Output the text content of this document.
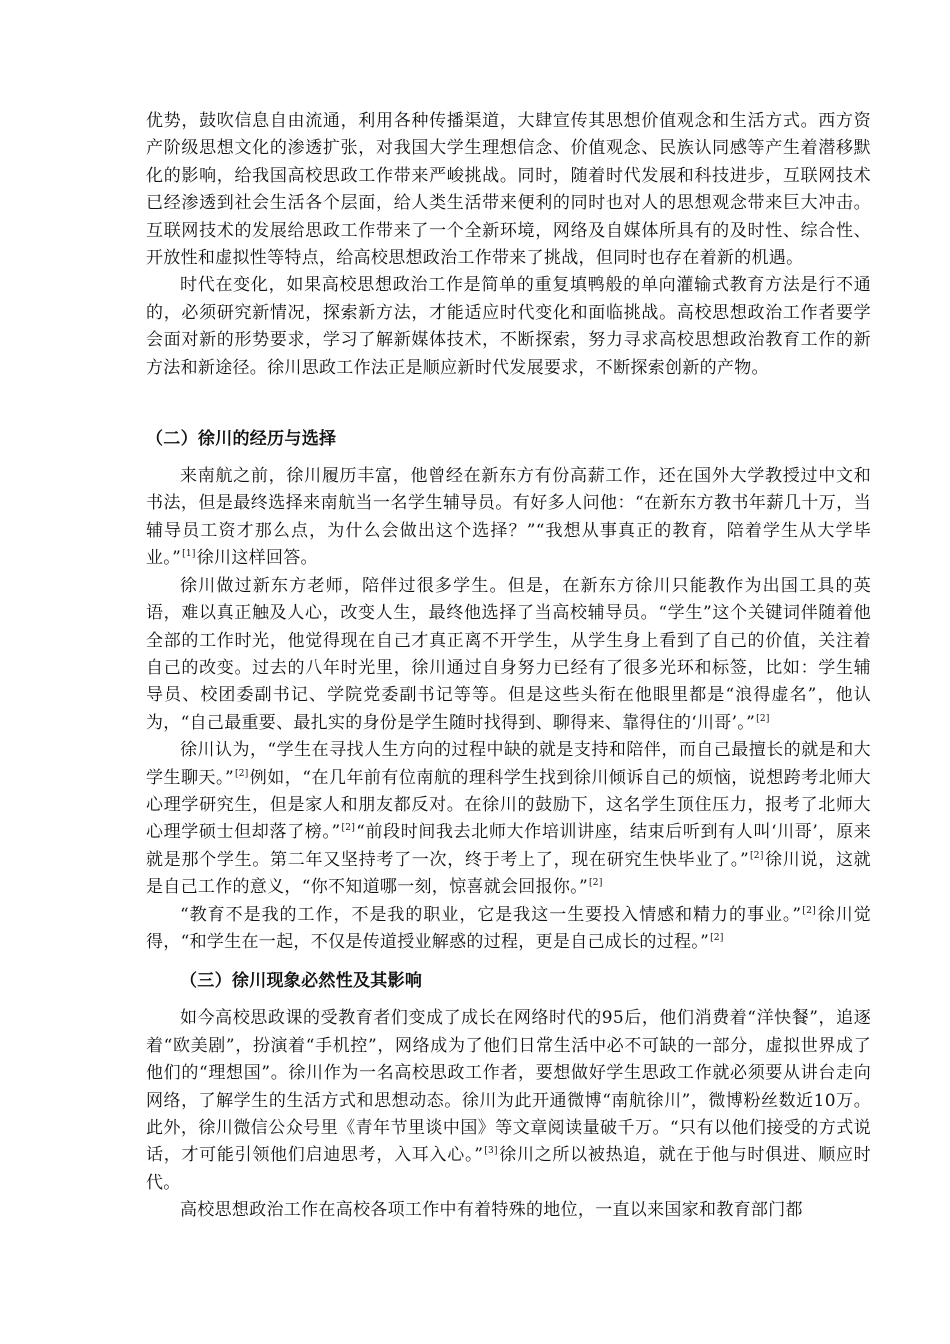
优势，鼓吹信息自由流通，利用各种传播渠道，大肆宣传其思想价值观念和生活方式。西方资产阶级思想文化的渗透扩张，对我国大学生理想信念、价值观念、民族认同感等产生着潜移默化的影响，给我国高校思政工作带来严峻挑战。同时，随着时代发展和科技进步，互联网技术已经渗透到社会生活各个层面，给人类生活带来便利的同时也对人的思想观念带来巨大冲击。互联网技术的发展给思政工作带来了一个全新环境，网络及自媒体所具有的及时性、综合性、开放性和虚拟性等特点，给高校思想政治工作带来了挑战，但同时也存在着新的机遇。

时代在变化，如果高校思想政治工作是简单的重复填鸭般的单向灌输式教育方法是行不通的，必须研究新情况，探索新方法，才能适应时代变化和面临挑战。高校思想政治工作者要学会面对新的形势要求，学习了解新媒体技术，不断探索，努力寻求高校思想政治教育工作的新方法和新途径。徐川思政工作法正是顺应新时代发展要求，不断探索创新的产物。

（二）徐川的经历与选择

来南航之前，徐川履历丰富，他曾经在新东方有份高薪工作，还在国外大学教授过中文和书法，但是最终选择来南航当一名学生辅导员。有好多人问他：“在新东方教书年薪几十万，当辅导员工资才那么点，为什么会做出这个选择？”“我想从事真正的教育，陪着学生从大学毕业。”[1]徐川这样回答。

徐川做过新东方老师，陪伴过很多学生。但是，在新东方徐川只能教作为出国工具的英语，难以真正触及人心，改变人生，最终他选择了当高校辅导员。“学生”这个关键词伴随着他全部的工作时光，他觉得现在自己才真正离不开学生，从学生身上看到了自己的价值，关注着自己的改变。过去的八年时光里，徐川通过自身努力已经有了很多光环和标签，比如：学生辅导员、校团委副书记、学院党委副书记等等。但是这些头衔在他眼里都是“浪得虚名”，他认为，“自己最重要、最扎实的身份是学生随时找得到、聊得来、靠得住的‘川哥’。”[2]

徐川认为，“学生在寻找人生方向的过程中缺的就是支持和陪伴，而自己最擅长的就是和大学生聊天。”[2]例如，“在几年前有位南航的理科学生找到徐川倾诉自己的烦恼，说想跨考北师大心理学研究生，但是家人和朋友都反对。在徐川的鼓励下，这名学生顶住压力，报考了北师大心理学硕士但却落了榜。”[2]“前段时间我去北师大作培训讲座，结束后听到有人叫‘川哥’，原来就是那个学生。第二年又坚持考了一次，终于考上了，现在研究生快毕业了。”[2]徐川说，这就是自己工作的意义，“你不知道哪一刻，惊喜就会回报你。”[2]

“教育不是我的工作，不是我的职业，它是我这一生要投入情感和精力的事业。”[2]徐川觉得，“和学生在一起，不仅是传道授业解惑的过程，更是自己成长的过程。”[2]

（三）徐川现象必然性及其影响

如今高校思政课的受教育者们变成了成长在网络时代的95后，他们消费着“洋快餐”，追逐着“欧美剧”，扮演着“手机控”，网络成为了他们日常生活中必不可缺的一部分，虚拟世界成了他们的“理想国”。徐川作为一名高校思政工作者，要想做好学生思政工作就必须要从讲台走向网络，了解学生的生活方式和思想动态。徐川为此开通微博“南航徐川”，微博粉丝数近10万。此外，徐川微信公众号里《青年节里谈中国》等文章阅读量破千万。“只有以他们接受的方式说话，才可能引领他们启迪思考，入耳入心。”[3]徐川之所以被热追，就在于他与时俱进、顺应时代。

高校思想政治工作在高校各项工作中有着特殊的地位，一直以来国家和教育部门都
